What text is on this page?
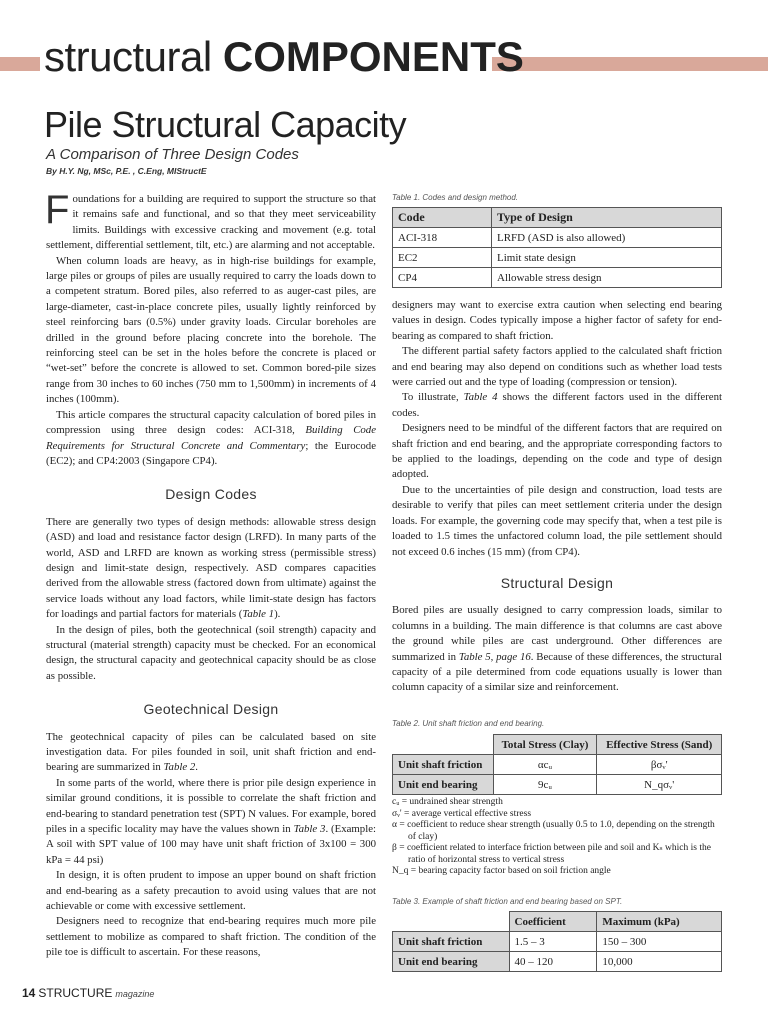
structural COMPONENTS
Pile Structural Capacity
A Comparison of Three Design Codes
By H.Y. Ng, MSc, P.E. , C.Eng, MIStructE

Foundations for a building are required to support the structure so that it remains safe and functional, and so that they meet serviceability limits. Buildings with excessive cracking and movement (e.g. total settlement, differential settlement, tilt, etc.) are alarming and not acceptable.

When column loads are heavy, as in high-rise buildings for example, large piles or groups of piles are usually required to carry the loads down to a competent stratum. Bored piles, also referred to as auger-cast piles, are large-diameter, cast-in-place concrete piles, usually lightly reinforced by steel reinforcing bars (0.5%) under gravity loads. Circular boreholes are drilled in the ground before placing concrete into the borehole. The reinforcing steel can be set in the holes before the concrete is placed or “wet-set” before the concrete is allowed to set. Common bored-pile sizes range from 30 inches to 60 inches (750 mm to 1,500mm) in increments of 4 inches (100mm).

This article compares the structural capacity calculation of bored piles in compression using three design codes: ACI-318, Building Code Requirements for Structural Concrete and Commentary; the Eurocode (EC2); and CP4:2003 (Singapore CP4).

Design Codes

There are generally two types of design methods: allowable stress design (ASD) and load and resistance factor design (LRFD). In many parts of the world, ASD and LRFD are known as working stress (permissible stress) design and limit-state design, respectively. ASD compares capacities derived from the allowable stress (factored down from ultimate) against the service loads without any load factors, while limit-state design has factors for loadings and partial factors for materials (Table 1).

In the design of piles, both the geotechnical (soil strength) capacity and structural (material strength) capacity must be checked. For an economical design, the structural capacity and geotechnical capacity should be as close as possible.

Geotechnical Design

The geotechnical capacity of piles can be calculated based on site investigation data. For piles founded in soil, unit shaft friction and end-bearing are summarized in Table 2.

In some parts of the world, where there is prior pile design experience in similar ground conditions, it is possible to correlate the shaft friction and end-bearing to standard penetration test (SPT) N values. For example, bored piles in a specific locality may have the values shown in Table 3. (Example: A soil with SPT value of 100 may have unit shaft friction of 3x100 = 300 kPa = 44 psi)

In design, it is often prudent to impose an upper bound on shaft friction and end-bearing as a safety precaution to avoid using values that are not achievable or come with excessive settlement.

Designers need to recognize that end-bearing requires much more pile settlement to mobilize as compared to shaft friction. The condition of the pile toe is difficult to ascertain. For these reasons,

Table 1. Codes and design method.
Code	Type of Design
ACI-318	LRFD (ASD is also allowed)
EC2	Limit state design
CP4	Allowable stress design

designers may want to exercise extra caution when selecting end bearing values in design. Codes typically impose a higher factor of safety for end-bearing as compared to shaft friction.

The different partial safety factors applied to the calculated shaft friction and end bearing may also depend on conditions such as whether load tests were carried out and the type of loading (compression or tension).

To illustrate, Table 4 shows the different factors used in the different codes.

Designers need to be mindful of the different factors that are required on shaft friction and end bearing, and the appropriate corresponding factors to be applied to the loadings, depending on the code and type of design adopted.

Due to the uncertainties of pile design and construction, load tests are desirable to verify that piles can meet settlement criteria under the design loads. For example, the governing code may specify that, when a test pile is loaded to 1.5 times the unfactored column load, the pile settlement should not exceed 0.6 inches (15 mm) (from CP4).

Structural Design

Bored piles are usually designed to carry compression loads, similar to columns in a building. The main difference is that columns are cast above the ground while piles are cast underground. Other differences are summarized in Table 5, page 16. Because of these differences, the structural capacity of a pile determined from code equations usually is lower than column capacity of a similar size and reinforcement.

Table 2. Unit shaft friction and end bearing.
	Total Stress (Clay)	Effective Stress (Sand)
Unit shaft friction	αcᵤ	βσᵥ'
Unit end bearing	9cᵤ	N_qσᵥ'
cᵤ = undrained shear strength
σᵥ' = average vertical effective stress
α = coefficient to reduce shear strength (usually 0.5 to 1.0, depending on the strength of clay)
β = coefficient related to interface friction between pile and soil and Kₛ which is the ratio of horizontal stress to vertical stress
N_q = bearing capacity factor based on soil friction angle
Table 3. Example of shaft friction and end bearing based on SPT.
	Coefficient	Maximum (kPa)
Unit shaft friction	1.5 – 3	150 – 300
Unit end bearing	40 – 120	10,000
14 STRUCTURE magazine
